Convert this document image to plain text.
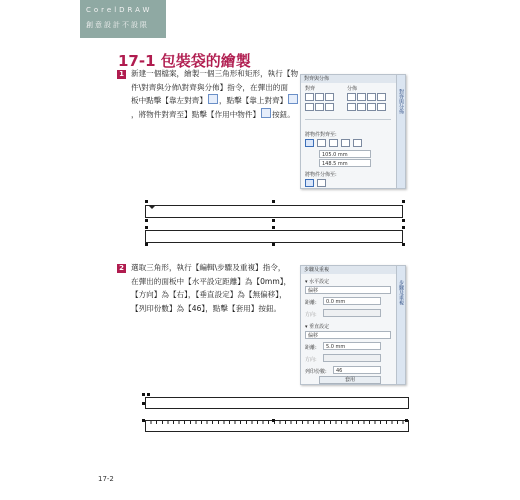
CorelDRAW
創意設計不設限
17-1 包裝袋的繪製
1 新建一個檔案，繪製一個三角形和矩形，執行【物
件\對齊與分佈\對齊與分佈】指令，在彈出的面
板中點擊【靠左對齊】 ，點擊【靠上對齊】
，將物件對齊至】點擊【作用中物件】 按鈕。
對齊與分佈
對齊與分佈
對齊	分佈
將物件對齊至:
105.0 mm
148.5 mm
將物件分佈至:
2 選取三角形，執行【編輯\步驟及重複】指令，
在彈出的面板中【水平設定距離】為【0mm】，
【方向】為【右】，【垂直設定】為【無偏移】，
【列印份數】為【46】，點擊【套用】按鈕。
步驟及重複
步驟及重複
▾ 水平設定
偏移
距離:	0.0 mm
方向:
▾ 垂直設定
偏移
距離:	5.0 mm
方向:
列印份數:	46
套用
17-2
